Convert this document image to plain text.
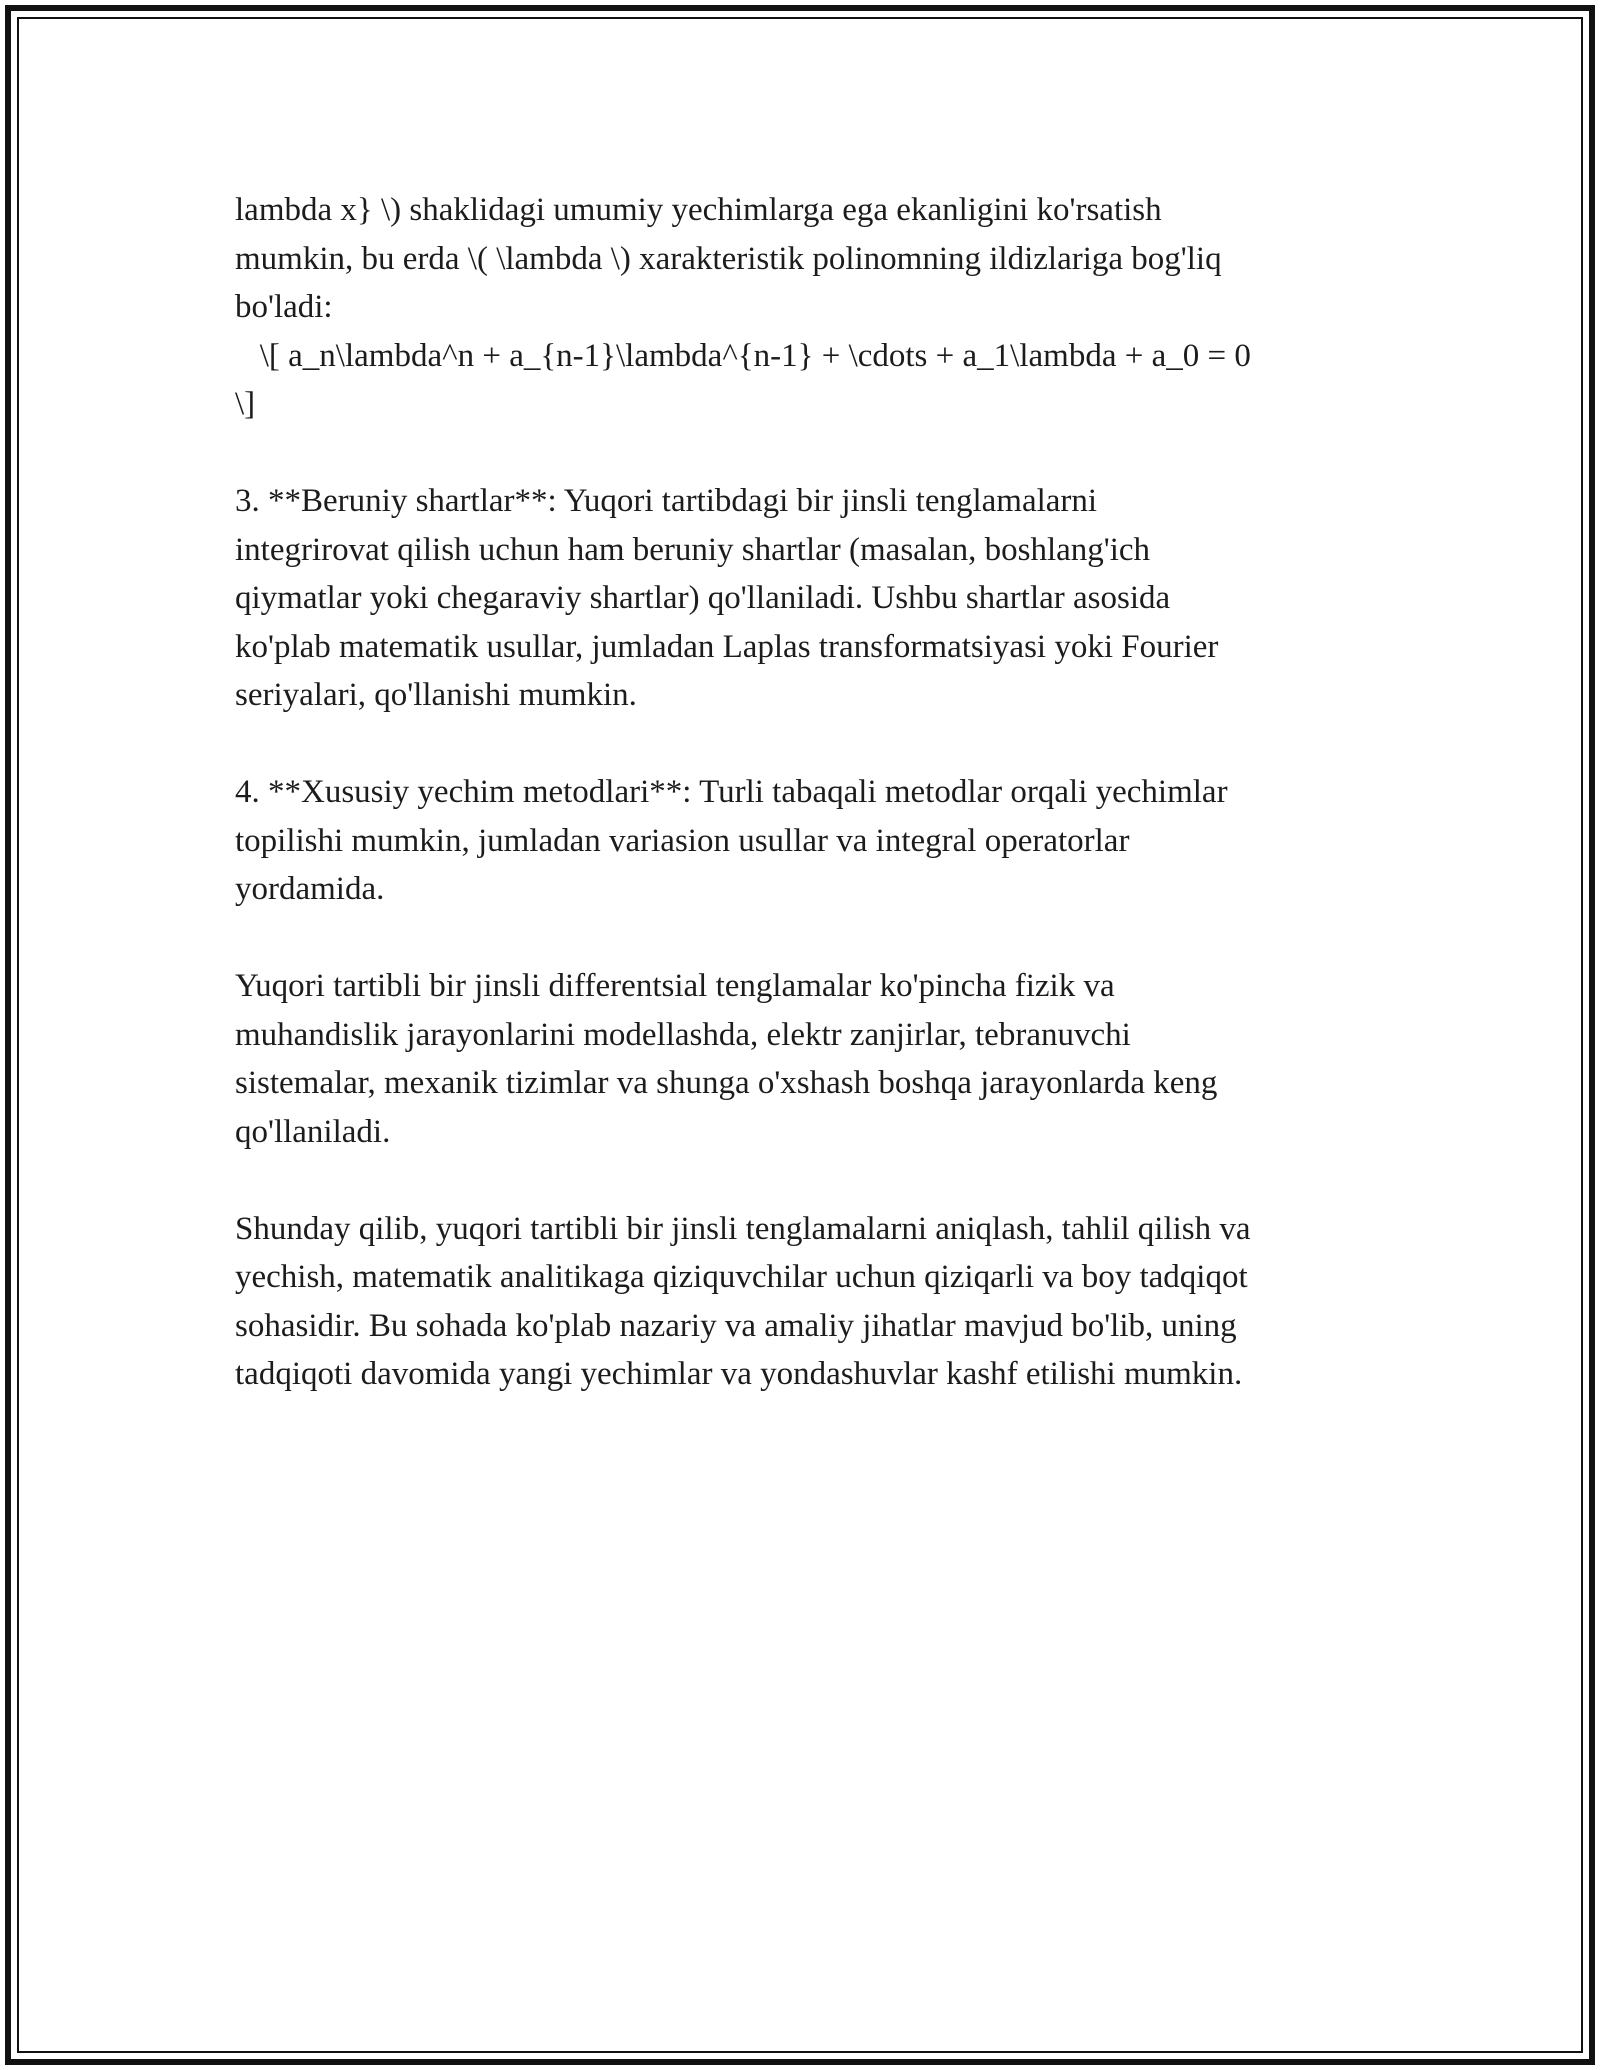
lambda x} \) shaklidagi umumiy yechimlarga ega ekanligini ko'rsatish
mumkin, bu erda \( \lambda \) xarakteristik polinomning ildizlariga bog'liq
bo'ladi:
\[ a_n\lambda^n + a_{n-1}\lambda^{n-1} + \cdots + a_1\lambda + a_0 = 0
\]
3. **Beruniy shartlar**: Yuqori tartibdagi bir jinsli tenglamalarni
integrirovat qilish uchun ham beruniy shartlar (masalan, boshlang'ich
qiymatlar yoki chegaraviy shartlar) qo'llaniladi. Ushbu shartlar asosida
ko'plab matematik usullar, jumladan Laplas transformatsiyasi yoki Fourier
seriyalari, qo'llanishi mumkin.
4. **Xususiy yechim metodlari**: Turli tabaqali metodlar orqali yechimlar
topilishi mumkin, jumladan variasion usullar va integral operatorlar
yordamida.
Yuqori tartibli bir jinsli differentsial tenglamalar ko'pincha fizik va
muhandislik jarayonlarini modellashda, elektr zanjirlar, tebranuvchi
sistemalar, mexanik tizimlar va shunga o'xshash boshqa jarayonlarda keng
qo'llaniladi.
Shunday qilib, yuqori tartibli bir jinsli tenglamalarni aniqlash, tahlil qilish va
yechish, matematik analitikaga qiziquvchilar uchun qiziqarli va boy tadqiqot
sohasidir. Bu sohada ko'plab nazariy va amaliy jihatlar mavjud bo'lib, uning
tadqiqoti davomida yangi yechimlar va yondashuvlar kashf etilishi mumkin.
